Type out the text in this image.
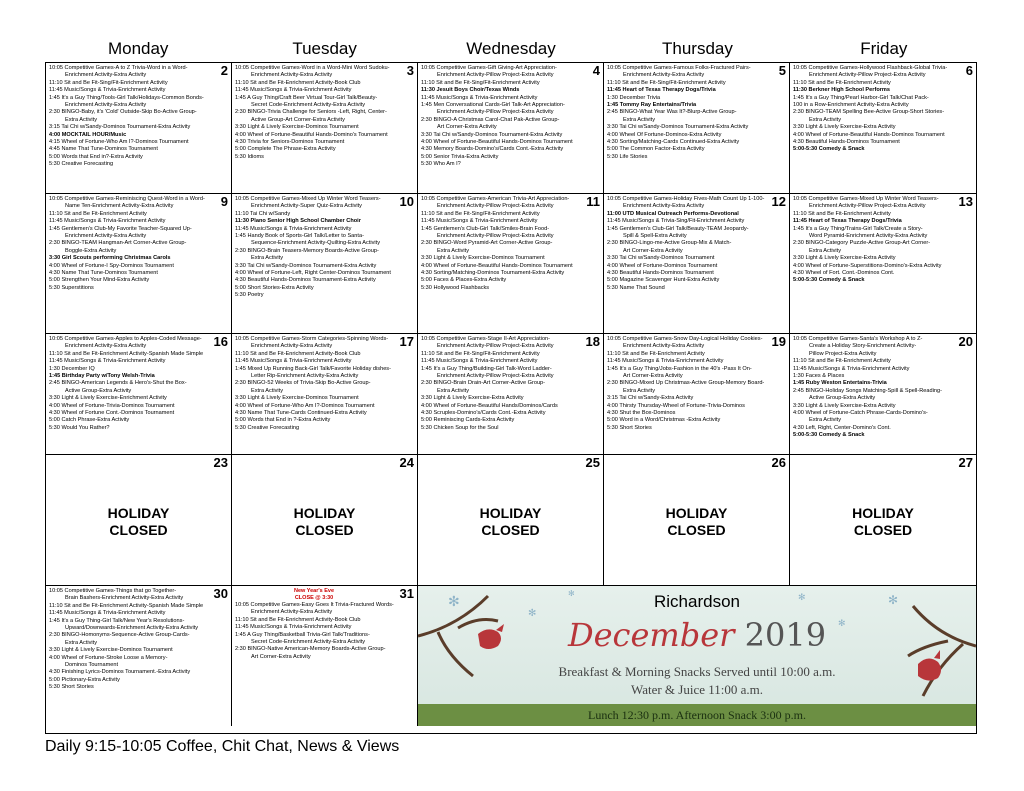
Monday	Tuesday	Wednesday	Thursday	Friday
2
10:05 Competitive Games-A to Z Trivia-Word in a Word-
Enrichment Activity-Extra Activity
11:10 Sit and Be Fit-Sing/Fit-Enrichment Activity
11:45 Music/Songs & Trivia-Enrichment Activity
1:45 It's a Guy Thing/Tools-Girl Talk/Holidays-Common Bonds-
Enrichment Activity-Extra Activity
2:30 BINGO-Baby, it's 'Cold' Outside-Skip Bo-Active Group-
Extra Activity
3:15 Tai Chi w/Sandy-Dominos Tournament-Extra Activity
4:00 MOCKTAIL HOUR/Music
4:15 Wheel of Fortune-Who Am I?-Dominos Tournament
4:45 Name That Tune-Dominos Tournament
5:00 Words that End in?-Extra Activity
5:30 Creative Forecasting
3
10:05 Competitive Games-Word in a Word-Mini Word Sudoku-
Enrichment Activity-Extra Activity
11:10 Sit and Be Fit-Enrichment Activity-Book Club
11:45 Music/Songs & Trivia-Enrichment Activity
1:45 A Guy Thing/Craft Beer Virtual Tour-Girl Talk/Beauty-
Secret Code-Enrichment Activity-Extra Activity
2:30 BINGO-Trivia Challenge for Seniors -Left, Right, Center-
Active Group-Art Corner-Extra Activity
3:30 Light & Lively Exercise-Dominos Tournament
4:00 Wheel of Fortune-Beautiful Hands-Domino's Tournament
4:30 Trivia for Seniors-Dominos Tournament
5:00 Complete The Phrase-Extra Activity
5:30 Idioms
4
10:05 Competitive Games-Gift Giving-Art Appreciation-
Enrichment Activity-Pillow Project-Extra Activity
11:10 Sit and Be Fit-Sing/Fit-Enrichment Activity
11:30 Jesuit Boys Choir/Texas Winds
11:45 Music/Songs & Trivia-Enrichment Activity
1:45 Men Conversational Cards-Girl Talk-Art Appreciation-
Enrichment Activity-Pillow Project-Extra Activity
2:30 BINGO-A Christmas Carol-Chat Pak-Active Group-
Art Corner-Extra Activity
3:30 Tai Chi w/Sandy-Dominos Tournament-Extra Activity
4:00 Wheel of Fortune-Beautiful Hands-Dominos Tournament
4:30 Memory Boards-Domino's/Cards Cont.-Extra Activity
5:00 Senior Trivia-Extra Activity
5:30 Who Am I?
5
10:05 Competitive Games-Famous Folks-Fractured Pairs-
Enrichment Activity-Extra Activity
11:10 Sit and Be Fit-Sing/Fit-Enrichment Activity
11:45 Heart of Texas Therapy Dogs/Trivia
1:30 December Trivia
1:45 Tommy Ray Entertains/Trivia
2:45 BINGO-What Year Was It?-Blurp-Active Group-
Extra Activity
3:30 Tai Chi w/Sandy-Dominos Tournament-Extra Activity
4:00 Wheel Of Fortune-Dominos-Extra Activity
4:30 Sorting/Matching-Cards Continued-Extra Activity
5:00 The Common Factor-Extra Activity
5:30 Life Stories
6
10:05 Competitive Games-Hollywood Flashback-Global Trivia-
Enrichment Activity-Pillow Project-Extra Activity
11:10 Sit and Be Fit-Enrichment Activity
11:30 Berkner High School Performs
1:45 It's a Guy Thing/Pearl Harbor-Girl Talk/Chat Pack-
100 in a Row-Enrichment Activity-Extra Activity
2:30 BINGO-TEAM Spelling Bee-Active Group-Short Stories-
Extra Activity
3:30 Light & Lively Exercise-Extra Activity
4:00 Wheel of Fortune-Beautiful Hands-Dominos Tournament
4:30 Beautiful Hands-Dominos Tournament
5:00-5:30 Comedy & Snack
9
10:05 Competitive Games-Reminiscing Quest-Word in a Word-
Name Ten-Enrichment Activity-Extra Activity
11:10 Sit and Be Fit-Enrichment Activity
11:45 Music/Songs & Trivia-Enrichment Activity
1:45 Gentlemen's Club-My Favorite Teacher-Squared Up-
Enrichment Activity-Extra Activity
2:30 BINGO-TEAM Hangman-Art Corner-Active Group-
Boggle-Extra Activity
3:30 Girl Scouts performing Christmas Carols
4:00 Wheel of Fortune-I Spy-Dominos Tournament
4:30 Name That Tune-Dominos Tournament
5:00 Strengthen Your Mind-Extra Activity
5:30 Superstitions
10
10:05 Competitive Games-Mixed Up Winter Word Teasers-
Enrichment Activity-Super Quiz-Extra Activity
11:10 Tai Chi w/Sandy
11:30 Plano Senior High School Chamber Choir
11:45 Music/Songs & Trivia-Enrichment Activity
1:45 Handy Book of Sports-Girl Talk/Letter to Santa-
Sequence-Enrichment Activity-Quilting-Extra Activity
2:30 BINGO-Brain Teasers-Memory Boards-Active Group-
Extra Activity
3:30 Tai Chi w/Sandy-Dominos Tournament-Extra Activity
4:00 Wheel of Fortune-Left, Right Center-Dominos Tournament
4:30 Beautiful Hands-Dominos Tournament-Extra Activity
5:00 Short Stories-Extra Activity
5:30 Poetry
11
10:05 Competitive Games-American Trivia-Art Appreciation-
Enrichment Activity-Pillow Project-Extra Activity
11:10 Sit and Be Fit-Sing/Fit-Enrichment Activity
11:45 Music/Songs & Trivia-Enrichment Activity
1:45 Gentlemen's Club-Girl Talk/Smiles-Brain Food-
Enrichment Activity-Pillow Project-Extra Activity
2:30 BINGO-Word Pyramid-Art Corner-Active Group-
Extra Activity
3:30 Light & Lively Exercise-Dominos Tournament
4:00 Wheel of Fortune-Beautiful Hands-Dominos Tournament
4:30 Sorting/Matching-Dominos Tournament-Extra Activity
5:00 Faces & Places-Extra Activity
5:30 Hollywood Flashbacks
12
10:05 Competitive Games-Holiday Fives-Math Count Up 1-100-
Enrichment Activity-Extra Activity
11:00 UTD Musical Outreach Performs-Devotional
11:45 Music/Songs & Trivia-Sing/Fit-Enrichment Activity
1:45 Gentlemen's Club-Girl Talk/Beauty-TEAM Jeopardy-
Spill & Spell-Extra Activity
2:30 BINGO-Lingo-me-Active Group-Mix & Match-
Art Corner-Extra Activity
3:30 Tai Chi w/Sandy-Dominos Tournament
4:00 Wheel of Fortune-Dominos Tournament
4:30 Beautiful Hands-Dominos Tournament
5:00 Magazine Scavenger Hunt-Extra Activity
5:30 Name That Sound
13
10:05 Competitive Games-Mixed Up Winter Word Teasers-
Enrichment Activity-Pillow Project-Extra Activity
11:10 Sit and Be Fit-Enrichment Activity
11:45 Heart of Texas Therapy Dogs/Trivia
1:45 It's a Guy Thing/Trains-Girl Talk/Create a Story-
Word Pyramid-Enrichment Activity-Extra Activity
2:30 BINGO-Category Puzzle-Active Group-Art Corner-
Extra Activity
3:30 Light & Lively Exercise-Extra Activity
4:00 Wheel of Fortune-Superstitions-Domino's-Extra Activity
4:30 Wheel of Fort. Cont.-Dominos Cont.
5:00-5:30 Comedy & Snack
16
10:05 Competitive Games-Apples to Apples-Coded Message-
Enrichment Activity-Extra Activity
11:10 Sit and Be Fit-Enrichment Activity-Spanish Made Simple
11:45 Music/Songs & Trivia-Enrichment Activity
1:30 December IQ
1:45 Birthday Party w/Tony Welsh-Trivia
2:45 BINGO-American Legends & Hero's-Shut the Box-
Active Group-Extra Activity
3:30 Light & Lively Exercise-Enrichment Activity
4:00 Wheel of Fortune-Trivia-Dominos Tournament
4:30 Wheel of Fortune Cont.-Dominos Tournament
5:00 Catch Phrase-Extra Activity
5:30 Would You Rather?
17
10:05 Competitive Games-Storm Categories-Spinning Words-
Enrichment Activity-Extra Activity
11:10 Sit and Be Fit-Enrichment Activity-Book Club
11:45 Music/Songs & Trivia-Enrichment Activity
1:45 Mixed Up Running Back-Girl Talk/Favorite Holiday dishes-
Letter Rip-Enrichment Activity-Extra Activity
2:30 BINGO-52 Weeks of Trivia-Skip Bo-Active Group-
Extra Activity
3:30 Light & Lively Exercise-Dominos Tournament
4:00 Wheel of Fortune-Who Am I?-Dominos Tournament
4:30 Name That Tune-Cards Continued-Extra Activity
5:00 Words that End in ?-Extra Activity
5:30 Creative Forecasting
18
10:05 Competitive Games-Stage II-Art Appreciation-
Enrichment Activity-Pillow Project-Extra Activity
11:10 Sit and Be Fit-Sing/Fit-Enrichment Activity
11:45 Music/Songs & Trivia-Enrichment Activity
1:45 It's a Guy Thing/Building-Girl Talk-Word Ladder-
Enrichment Activity-Pillow Project-Extra Activity
2:30 BINGO-Brain Drain-Art Corner-Active Group-
Extra Activity
3:30 Light & Lively Exercise-Extra Activity
4:00 Wheel of Fortune-Beautiful Hands/Dominos/Cards
4:30 Scruples-Domino's/Cards Cont.-Extra Activity
5:00 Reminiscing Cards-Extra Activity
5:30 Chicken Soup for the Soul
19
10:05 Competitive Games-Snow Day-Logical Holiday Cookies-
Enrichment Activity-Extra Activity
11:10 Sit and Be Fit-Enrichment Activity
11:45 Music/Songs & Trivia-Enrichment Activity
1:45 It's a Guy Thing/Jobs-Fashion in the 40's -Pass It On-
Art Corner-Extra Activity
2:30 BINGO-Mixed Up Christmas-Active Group-Memory Board-
Extra Activity
3:15 Tai Chi w/Sandy-Extra Activity
4:00 Thirsty Thursday-Wheel of Fortune-Trivia-Dominos
4:30 Shut the Box-Dominos
5:00 Word in a Word/Christmas -Extra Activity
5:30 Short Stories
20
10:05 Competitive Games-Santa's Workshop A to Z-
Create a Holiday Story-Enrichment Activity-
Pillow Project-Extra Activity
11:10 Sit and Be Fit-Enrichment Activity
11:45 Music/Songs & Trivia-Enrichment Activity
1:30 Faces & Places
1:45 Ruby Weston Entertains-Trivia
2:45 BINGO-Holiday Songs Matching-Spill & Spell-Reading-
Active Group-Extra Activity
3:30 Light & Lively Exercise-Extra Activity
4:00 Wheel of Fortune-Catch Phrase-Cards-Domino's-
Extra Activity
4:30 Left, Right, Center-Domino's Cont.
5:00-5:30 Comedy & Snack
23
HOLIDAY
CLOSED
24
HOLIDAY
CLOSED
25
HOLIDAY
CLOSED
26
HOLIDAY
CLOSED
27
HOLIDAY
CLOSED
30
10:05 Competitive Games-Things that go Together-
Brain Bashers-Enrichment Activity-Extra Activity
11:10 Sit and Be Fit-Enrichment Activity-Spanish Made Simple
11:45 Music/Songs & Trivia-Enrichment Activity
1:45 It's a Guy Thing-Girl Talk/New Year's Resolutions-
Upward/Downwards-Enrichment Activity-Extra Activity
2:30 BINGO-Homonyms-Sequence-Active Group-Cards-
Extra Activity
3:30 Light & Lively Exercise-Dominos Tournament
4:00 Wheel of Fortune-Stroke Loose a Memory-
Dominos Tournament
4:30 Finishing Lyrics-Dominos Tournament.-Extra Activity
5:00 Pictionary-Extra Activity
5:30 Short Stories
31
New Year's Eve
CLOSE @ 3:30
10:05 Competitive Games-Easy Goes It Trivia-Fractured Words-
Enrichment Activity-Extra Activity
11:10 Sit and Be Fit-Enrichment Activity-Book Club
11:45 Music/Songs & Trivia-Enrichment Activity
1:45 A Guy Thing/Basketball Trivia-Girl Talk/Traditions-
Secret Code-Enrichment Activity-Extra Activity
2:30 BINGO-Native American-Memory Boards-Active Group-
Art Corner-Extra Activity
✻
✻
✻
✻
✻	✻
Richardson
December 2019
Breakfast & Morning Snacks Served until 10:00 a.m.
Water & Juice 11:00 a.m.
Lunch 12:30 p.m. Afternoon Snack 3:00 p.m.
Daily 9:15-10:05 Coffee, Chit Chat, News & Views
